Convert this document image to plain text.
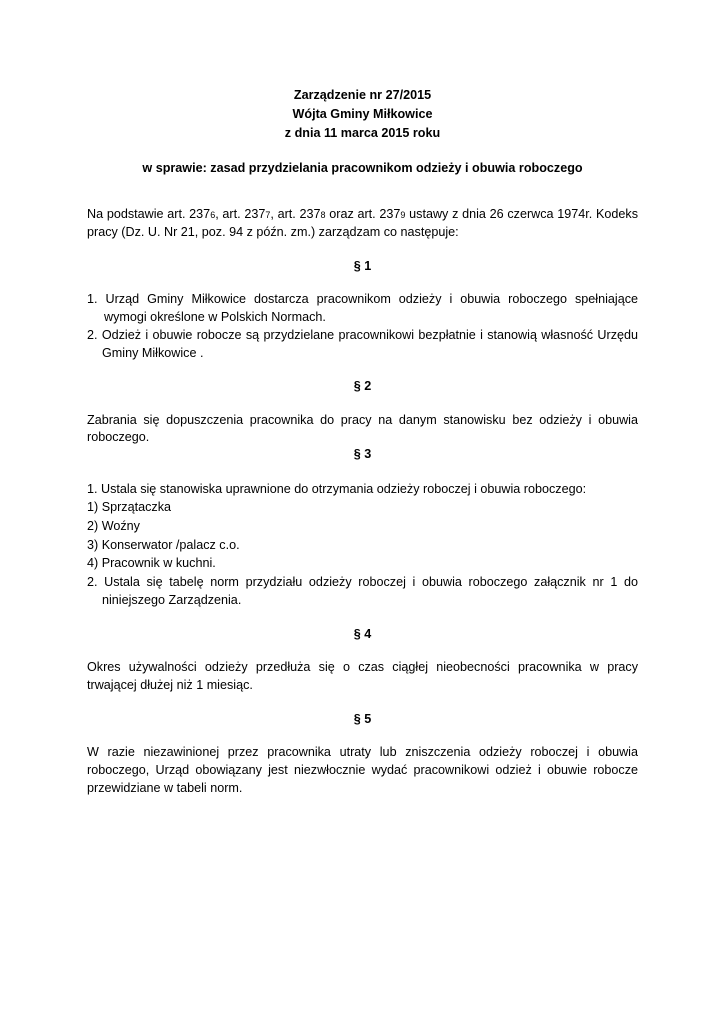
Zarządzenie nr 27/2015
Wójta Gminy Miłkowice
z dnia 11 marca 2015 roku
w sprawie: zasad przydzielania pracownikom odzieży i obuwia roboczego
Na podstawie art. 2376, art. 2377, art. 2378 oraz art. 2379 ustawy z dnia 26 czerwca 1974r. Kodeks
pracy (Dz. U. Nr 21, poz. 94 z późn. zm.) zarządzam co następuje:
§ 1
1. Urząd Gminy Miłkowice dostarcza pracownikom odzieży i obuwia roboczego spełniające
wymogi określone w Polskich Normach.
2. Odzież i obuwie robocze są przydzielane pracownikowi bezpłatnie i stanowią własność Urzędu
Gminy Miłkowice .
§ 2
Zabrania się dopuszczenia pracownika do pracy na danym stanowisku bez odzieży i obuwia
roboczego.
§ 3
1. Ustala się stanowiska uprawnione do otrzymania odzieży roboczej i obuwia roboczego:
1) Sprzątaczka
2) Woźny
3) Konserwator /palacz c.o.
4) Pracownik w kuchni.
2. Ustala się tabelę norm przydziału odzieży roboczej i obuwia roboczego załącznik nr 1 do
niniejszego Zarządzenia.
§ 4
Okres używalności odzieży przedłuża się o czas ciągłej nieobecności pracownika w pracy
trwającej dłużej niż 1 miesiąc.
§ 5
W razie niezawinionej przez pracownika utraty lub zniszczenia odzieży roboczej i obuwia
roboczego, Urząd obowiązany jest niezwłocznie wydać pracownikowi odzież i obuwie robocze
przewidziane w tabeli norm.
